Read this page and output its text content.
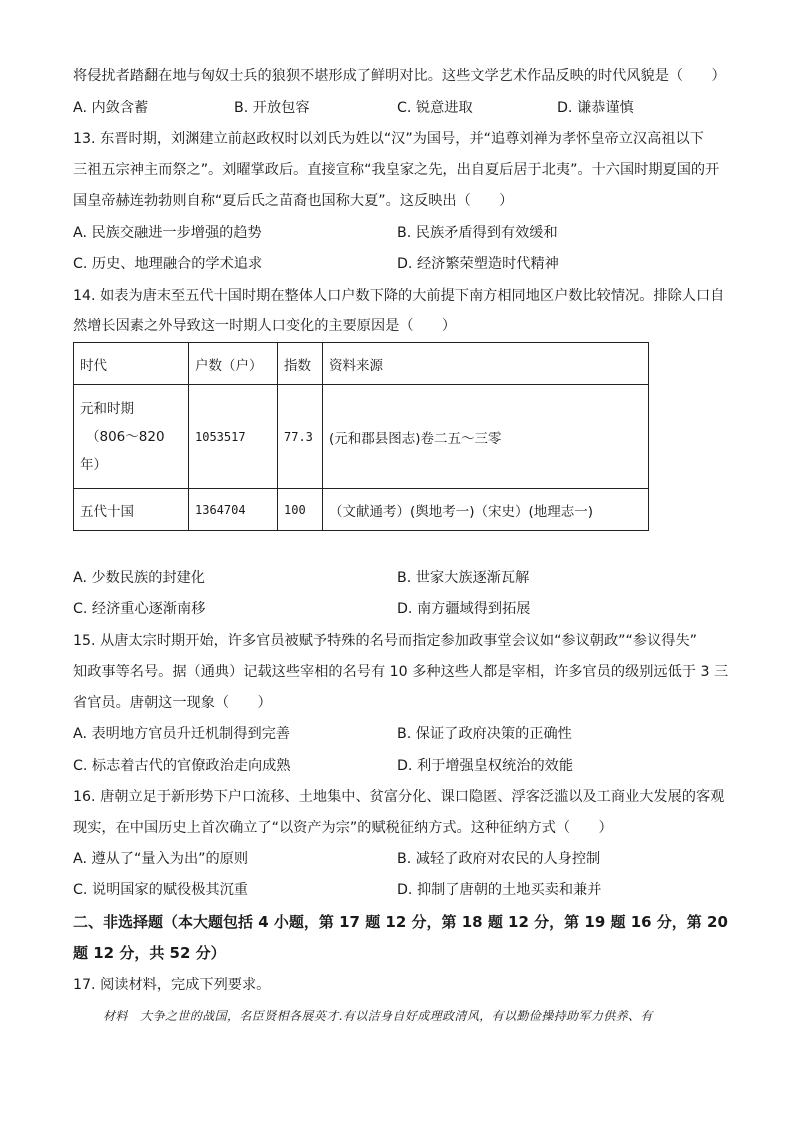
将侵扰者踏翻在地与匈奴士兵的狼狈不堪形成了鲜明对比。这些文学艺术作品反映的时代风貌是（　　）
A. 内敛含蓄	B. 开放包容	C. 锐意进取	D. 谦恭谨慎
13. 东晋时期，刘渊建立前赵政权时以刘氏为姓以“汉”为国号，并“追尊刘禅为孝怀皇帝立汉高祖以下
三祖五宗神主而祭之”。刘曜掌政后。直接宣称“我皇家之先，出自夏后居于北夷”。十六国时期夏国的开
国皇帝赫连勃勃则自称“夏后氏之苗裔也国称大夏”。这反映出（　　）
A. 民族交融进一步增强的趋势	B. 民族矛盾得到有效缓和
C. 历史、地理融合的学术追求	D. 经济繁荣塑造时代精神
14. 如表为唐末至五代十国时期在整体人口户数下降的大前提下南方相同地区户数比较情况。排除人口自
然增长因素之外导致这一时期人口变化的主要原因是（　　）
时代	户数（户）	指数	资料来源

元和时期
（806～820
年）	1053517	77.3	(元和郡县图志)卷二五～三零
五代十国	1364704	100	（文献通考）(舆地考一)（宋史）(地理志一)
A. 少数民族的封建化	B. 世家大族逐渐瓦解
C. 经济重心逐渐南移	D. 南方疆域得到拓展
15. 从唐太宗时期开始，许多官员被赋予特殊的名号而指定参加政事堂会议如“参议朝政”“参议得失”
知政事等名号。据（通典）记载这些宰相的名号有 10 多种这些人都是宰相，许多官员的级别远低于 3 三
省官员。唐朝这一现象（　　）
A. 表明地方官员升迁机制得到完善	B. 保证了政府决策的正确性
C. 标志着古代的官僚政治走向成熟	D. 利于增强皇权统治的效能
16. 唐朝立足于新形势下户口流移、土地集中、贫富分化、课口隐匿、浮客泛滥以及工商业大发展的客观
现实，在中国历史上首次确立了“以资产为宗”的赋税征纳方式。这种征纳方式（　　）
A. 遵从了“量入为出”的原则	B. 减轻了政府对农民的人身控制
C. 说明国家的赋役极其沉重	D. 抑制了唐朝的土地买卖和兼并
二、非选择题（本大题包括 4 小题，第 17 题 12 分，第 18 题 12 分，第 19 题 16 分，第 20
题 12 分，共 52 分）
17. 阅读材料，完成下列要求。
材料　大争之世的战国，名臣贤相各展英才.有以洁身自好成理政清风，有以勤俭操持助军力供养、有
